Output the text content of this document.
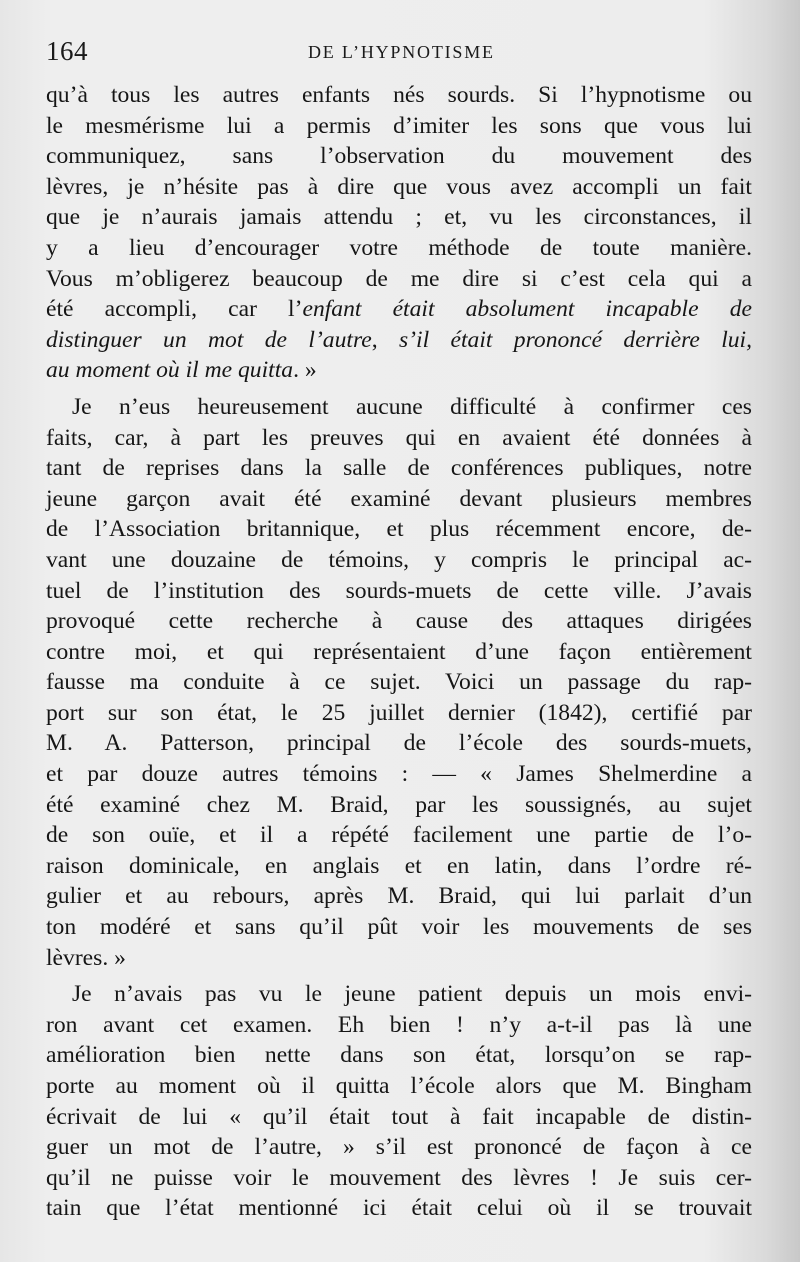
164	DE L’HYPNOTISME
qu’à tous les autres enfants nés sourds. Si l’hypnotisme ou
le mesmérisme lui a permis d’imiter les sons que vous lui
communiquez, sans l’observation du mouvement des
lèvres, je n’hésite pas à dire que vous avez accompli un fait
que je n’aurais jamais attendu ; et, vu les circonstances, il
y a lieu d’encourager votre méthode de toute manière.
Vous m’obligerez beaucoup de me dire si c’est cela qui a
été accompli, car l’enfant était absolument incapable de
distinguer un mot de l’autre, s’il était prononcé derrière lui,
au moment où il me quitta. »
Je n’eus heureusement aucune difficulté à confirmer ces
faits, car, à part les preuves qui en avaient été données à
tant de reprises dans la salle de conférences publiques, notre
jeune garçon avait été examiné devant plusieurs membres
de l’Association britannique, et plus récemment encore, de-
vant une douzaine de témoins, y compris le principal ac-
tuel de l’institution des sourds-muets de cette ville. J’avais
provoqué cette recherche à cause des attaques dirigées
contre moi, et qui représentaient d’une façon entièrement
fausse ma conduite à ce sujet. Voici un passage du rap-
port sur son état, le 25 juillet dernier (1842), certifié par
M. A. Patterson, principal de l’école des sourds-muets,
et par douze autres témoins : — « James Shelmerdine a
été examiné chez M. Braid, par les soussignés, au sujet
de son ouïe, et il a répété facilement une partie de l’o-
raison dominicale, en anglais et en latin, dans l’ordre ré-
gulier et au rebours, après M. Braid, qui lui parlait d’un
ton modéré et sans qu’il pût voir les mouvements de ses
lèvres. »
Je n’avais pas vu le jeune patient depuis un mois envi-
ron avant cet examen. Eh bien ! n’y a-t-il pas là une
amélioration bien nette dans son état, lorsqu’on se rap-
porte au moment où il quitta l’école alors que M. Bingham
écrivait de lui « qu’il était tout à fait incapable de distin-
guer un mot de l’autre, » s’il est prononcé de façon à ce
qu’il ne puisse voir le mouvement des lèvres ! Je suis cer-
tain que l’état mentionné ici était celui où il se trouvait
